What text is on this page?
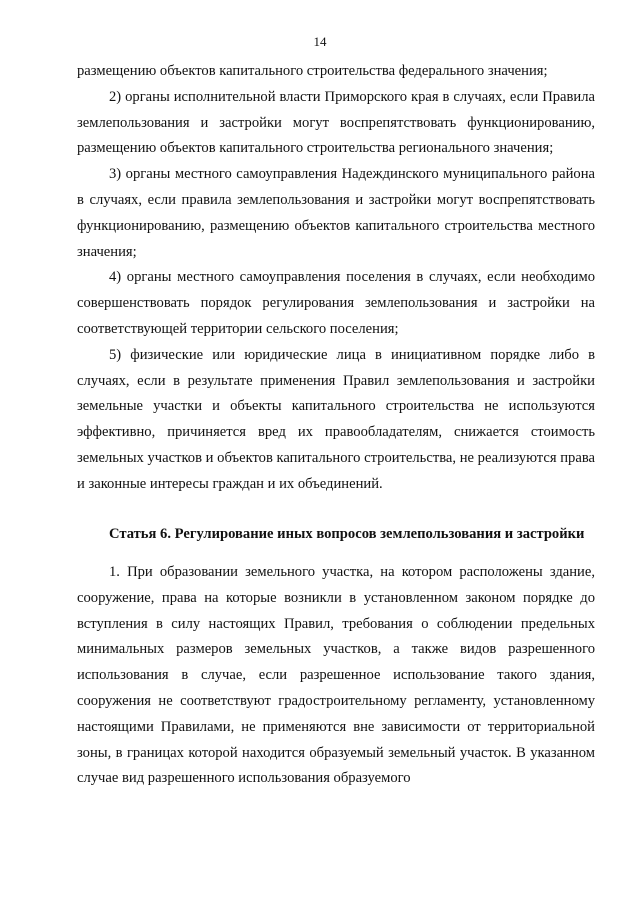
14

размещению объектов капитального строительства федерального значения;

2) органы исполнительной власти Приморского края в случаях, если Правила землепользования и застройки могут воспрепятствовать функционированию, размещению объектов капитального строительства регионального значения;

3) органы местного самоуправления Надеждинского муниципального района в случаях, если правила землепользования и застройки могут воспрепятствовать функционированию, размещению объектов капитального строительства местного значения;

4) органы местного самоуправления поселения в случаях, если необходимо совершенствовать порядок регулирования землепользования и застройки на соответствующей территории сельского поселения;

5) физические или юридические лица в инициативном порядке либо в случаях, если в результате применения Правил землепользования и застройки земельные участки и объекты капитального строительства не используются эффективно, причиняется вред их правообладателям, снижается стоимость земельных участков и объектов капитального строительства, не реализуются права и законные интересы граждан и их объединений.

Статья 6. Регулирование иных вопросов землепользования и застройки

1. При образовании земельного участка, на котором расположены здание, сооружение, права на которые возникли в установленном законом порядке до вступления в силу настоящих Правил, требования о соблюдении предельных минимальных размеров земельных участков, а также видов разрешенного использования в случае, если разрешенное использование такого здания, сооружения не соответствуют градостроительному регламенту, установленному настоящими Правилами, не применяются вне зависимости от территориальной зоны, в границах которой находится образуемый земельный участок. В указанном случае вид разрешенного использования образуемого
